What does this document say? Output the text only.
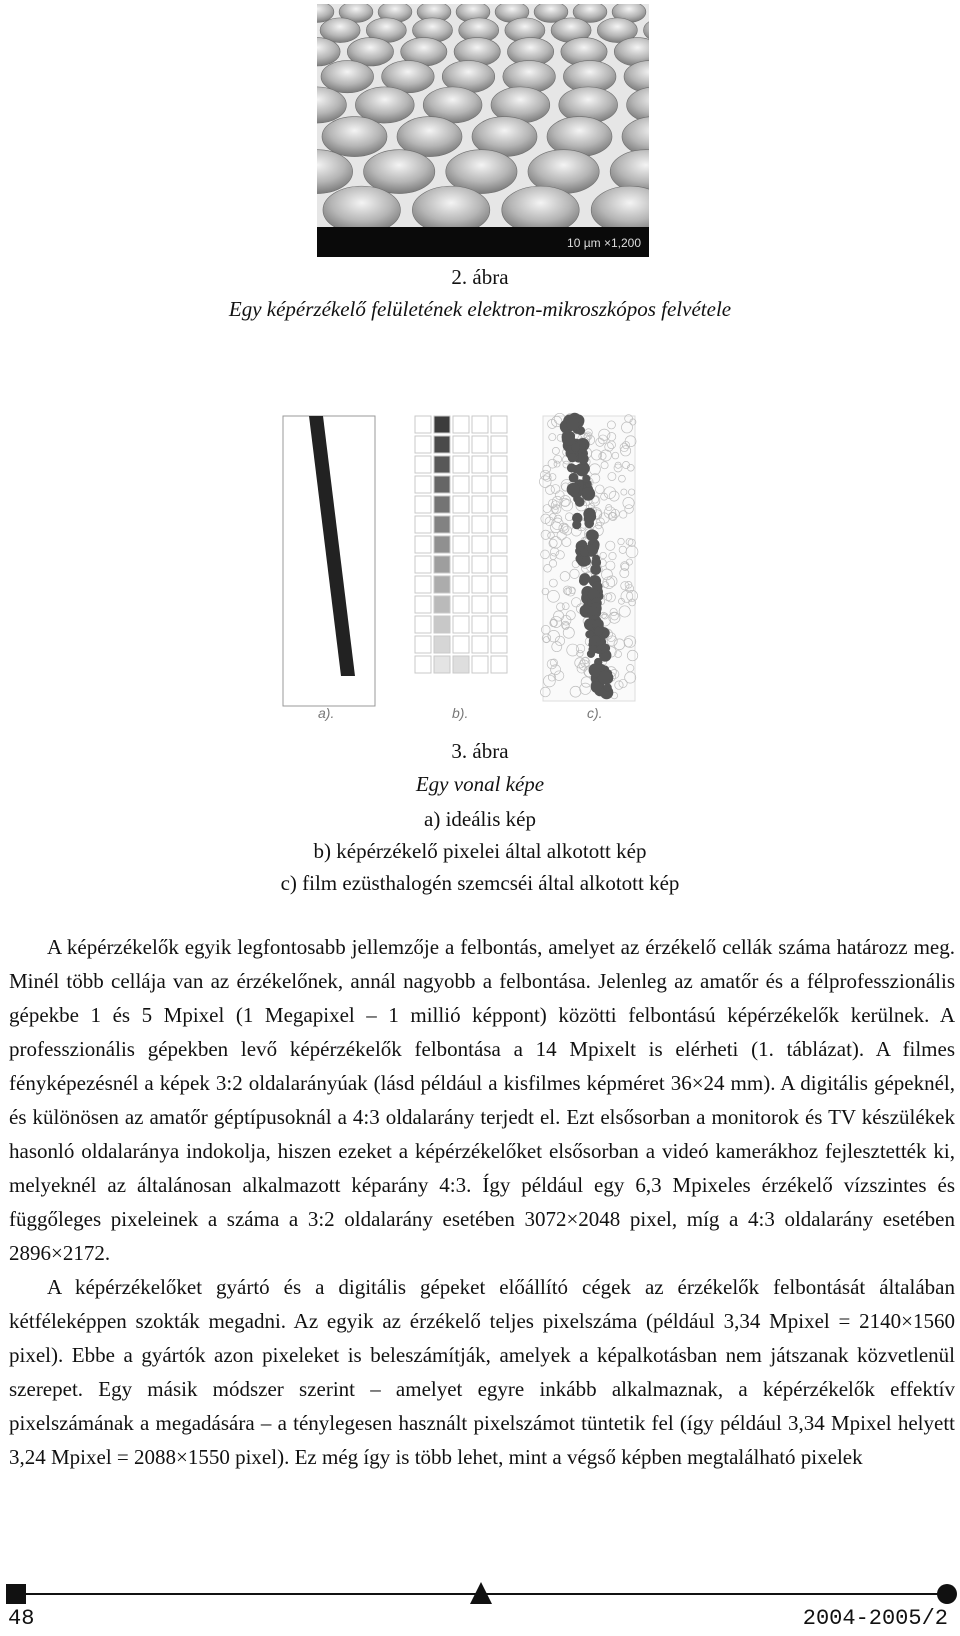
10 µm ×1,200
2. ábra
Egy képérzékelő felületének elektron-mikroszkópos felvétele
a).	b).	c).
3. ábra
Egy vonal képe
a) ideális kép
b) képérzékelő pixelei által alkotott kép
c) film ezüsthalogén szemcséi által alkotott kép

A képérzékelők egyik legfontosabb jellemzője a felbontás, amelyet az érzékelő cellák száma határozz meg. Minél több cellája van az érzékelőnek, annál nagyobb a felbontása. Jelenleg az amatőr és a félprofesszionális gépekbe 1 és 5 Mpixel (1 Megapixel – 1 millió képpont) közötti felbontású képérzékelők kerülnek. A professzionális gépekben levő képérzékelők felbontása a 14 Mpixelt is elérheti (1. táblázat). A filmes fényképezésnél a képek 3:2 oldalarányúak (lásd például a kisfilmes képméret 36×24 mm). A digitális gépeknél, és különösen az amatőr géptípusoknál a 4:3 oldalarány terjedt el. Ezt elsősorban a monitorok és TV készülékek hasonló oldalaránya indokolja, hiszen ezeket a képérzékelőket elsősorban a videó kamerákhoz fejlesztették ki, melyeknél az általánosan alkalmazott képarány 4:3. Így például egy 6,3 Mpixeles érzékelő vízszintes és függőleges pixeleinek a száma a 3:2 oldalarány esetében 3072×2048 pixel, míg a 4:3 oldalarány esetében 2896×2172.

A képérzékelőket gyártó és a digitális gépeket előállító cégek az érzékelők felbontását általában kétféleképpen szokták megadni. Az egyik az érzékelő teljes pixelszáma (például 3,34 Mpixel = 2140×1560 pixel). Ebbe a gyártók azon pixeleket is beleszámítják, amelyek a képalkotásban nem játszanak közvetlenül szerepet. Egy másik módszer szerint – amelyet egyre inkább alkalmaznak, a képérzékelők effektív pixelszámának a megadására – a ténylegesen használt pixelszámot tüntetik fel (így például 3,34 Mpixel helyett 3,24 Mpixel = 2088×1550 pixel). Ez még így is több lehet, mint a végső képben megtalálható pixelek

48	2004-2005/2
